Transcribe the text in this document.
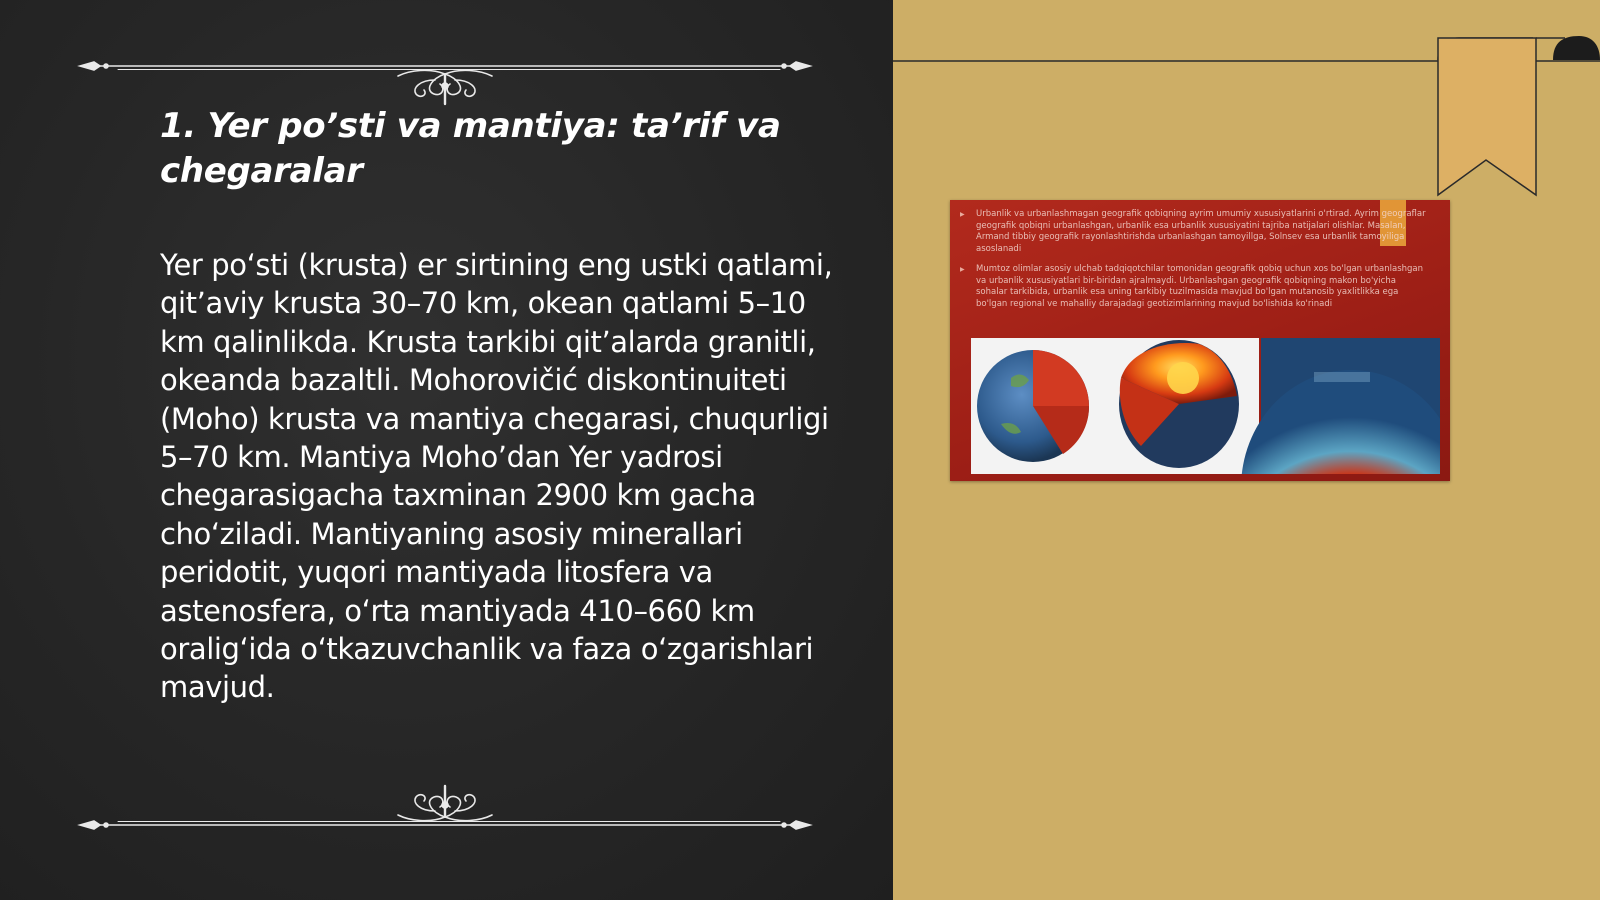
1. Yer po’sti va mantiya: ta’rif va chegaralar

Yer po‘sti (krusta) er sirtining eng ustki qatlami, qit’aviy krusta 30–70 km, okean qatlami 5–10 km qalinlikda. Krusta tarkibi qit’alarda granitli, okeanda bazaltli. Mohorovičić diskontinuiteti (Moho) krusta va mantiya chegarasi, chuqurligi 5–70 km. Mantiya Moho’dan Yer yadrosi chegarasigacha taxminan 2900 km gacha cho‘ziladi. Mantiyaning asosiy minerallari peridotit, yuqori mantiyada litosfera va astenosfera, o‘rta mantiyada 410–660 km oralig‘ida o‘tkazuvchanlik va faza o‘zgarishlari mavjud.

▶ Urbanlik va urbanlashmagan geografik qobiqning ayrim umumiy xususiyatlarini o'rtirad. Ayrim geograflar geografik qobiqni urbanlashgan, urbanlik esa urbanlik xususiyatini tajriba natijalari olishlar. Masalan, Armand tibbiy geografik rayonlashtirishda urbanlashgan tamoyillga, Solnsev esa urbanlik tamoyiliga asoslanadi
▶ Mumtoz olimlar asosiy ulchab tadqiqotchilar tomonidan geografik qobiq uchun xos bo'lgan urbanlashgan va urbanlik xususiyatlari bir-biridan ajralmaydi. Urbanlashgan geografik qobiqning makon bo'yicha sohalar tarkibida, urbanlik esa uning tarkibiy tuzilmasida mavjud bo'lgan mutanosib yaxlitlikka ega bo'lgan regional ve mahalliy darajadagi geotizimlarining mavjud bo'lishida ko'rinadi
